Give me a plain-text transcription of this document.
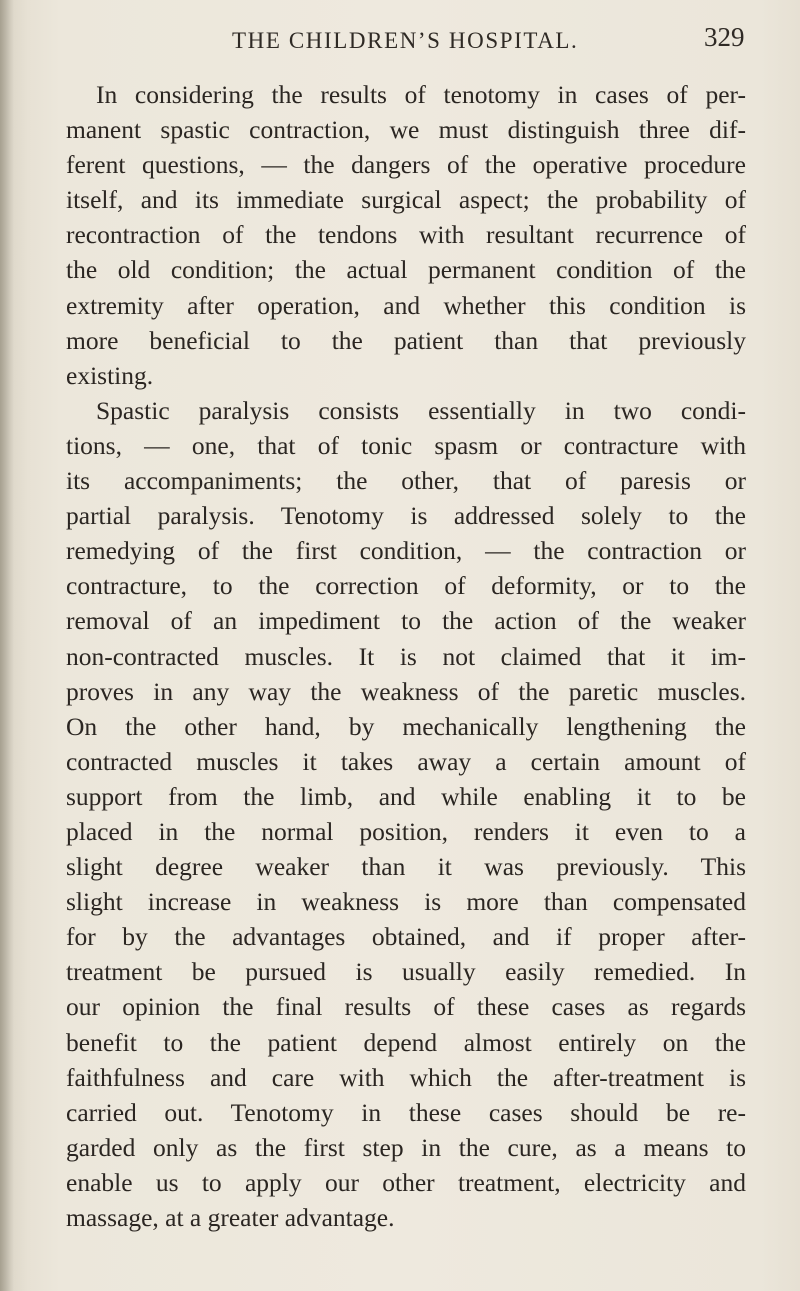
THE CHILDREN’S HOSPITAL.	329
In considering the results of tenotomy in cases of per-
manent spastic contraction, we must distinguish three dif-
ferent questions, — the dangers of the operative procedure
itself, and its immediate surgical aspect; the probability of
recontraction of the tendons with resultant recurrence of
the old condition; the actual permanent condition of the
extremity after operation, and whether this condition is
more beneficial to the patient than that previously
existing.
Spastic paralysis consists essentially in two condi-
tions, — one, that of tonic spasm or contracture with
its accompaniments; the other, that of paresis or
partial paralysis. Tenotomy is addressed solely to the
remedying of the first condition, — the contraction or
contracture, to the correction of deformity, or to the
removal of an impediment to the action of the weaker
non-contracted muscles. It is not claimed that it im-
proves in any way the weakness of the paretic muscles.
On the other hand, by mechanically lengthening the
contracted muscles it takes away a certain amount of
support from the limb, and while enabling it to be
placed in the normal position, renders it even to a
slight degree weaker than it was previously. This
slight increase in weakness is more than compensated
for by the advantages obtained, and if proper after-
treatment be pursued is usually easily remedied. In
our opinion the final results of these cases as regards
benefit to the patient depend almost entirely on the
faithfulness and care with which the after-treatment is
carried out. Tenotomy in these cases should be re-
garded only as the first step in the cure, as a means to
enable us to apply our other treatment, electricity and
massage, at a greater advantage.
